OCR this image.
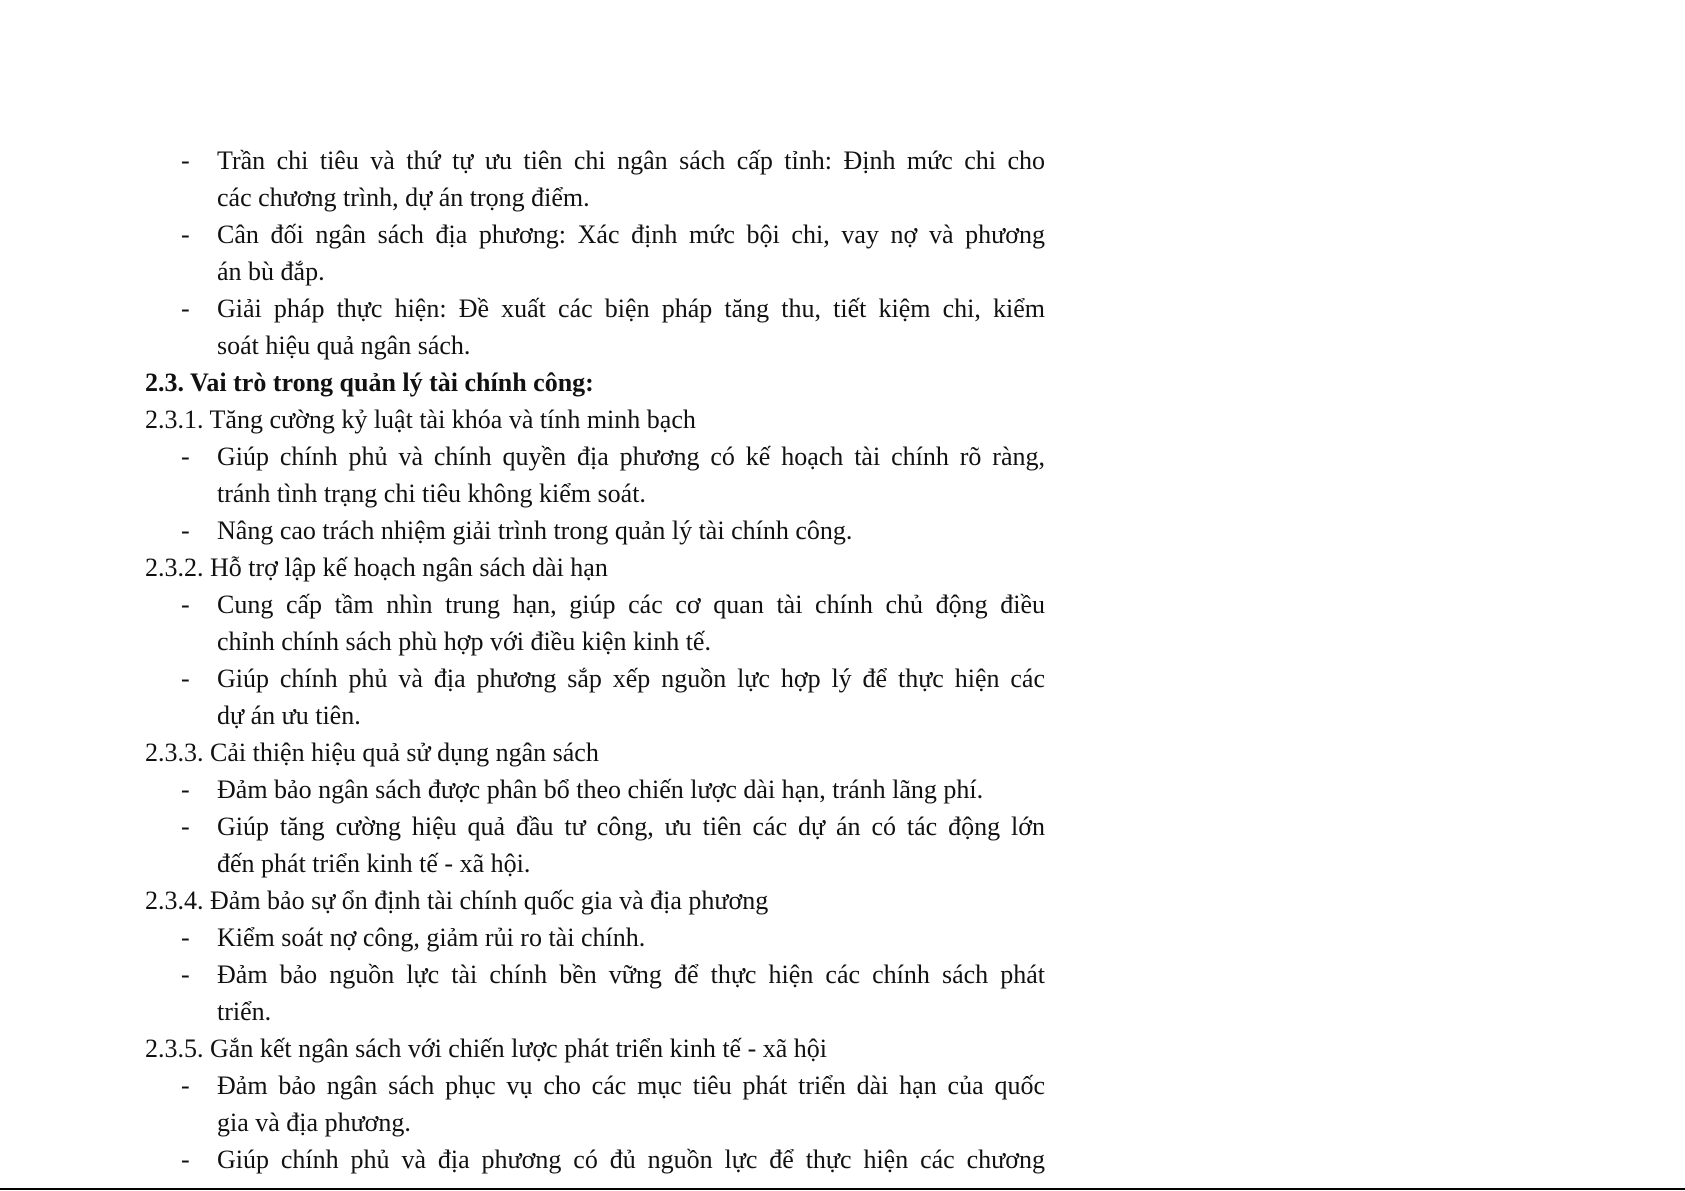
- Trần chi tiêu và thứ tự ưu tiên chi ngân sách cấp tỉnh: Định mức chi cho
các chương trình, dự án trọng điểm.
- Cân đối ngân sách địa phương: Xác định mức bội chi, vay nợ và phương
án bù đắp.
- Giải pháp thực hiện: Đề xuất các biện pháp tăng thu, tiết kiệm chi, kiểm
soát hiệu quả ngân sách.
2.3. Vai trò trong quản lý tài chính công:
2.3.1. Tăng cường kỷ luật tài khóa và tính minh bạch
- Giúp chính phủ và chính quyền địa phương có kế hoạch tài chính rõ ràng,
tránh tình trạng chi tiêu không kiểm soát.
- Nâng cao trách nhiệm giải trình trong quản lý tài chính công.
2.3.2. Hỗ trợ lập kế hoạch ngân sách dài hạn
- Cung cấp tầm nhìn trung hạn, giúp các cơ quan tài chính chủ động điều
chỉnh chính sách phù hợp với điều kiện kinh tế.
- Giúp chính phủ và địa phương sắp xếp nguồn lực hợp lý để thực hiện các
dự án ưu tiên.
2.3.3. Cải thiện hiệu quả sử dụng ngân sách
- Đảm bảo ngân sách được phân bổ theo chiến lược dài hạn, tránh lãng phí.
- Giúp tăng cường hiệu quả đầu tư công, ưu tiên các dự án có tác động lớn
đến phát triển kinh tế - xã hội.
2.3.4. Đảm bảo sự ổn định tài chính quốc gia và địa phương
- Kiểm soát nợ công, giảm rủi ro tài chính.
- Đảm bảo nguồn lực tài chính bền vững để thực hiện các chính sách phát
triển.
2.3.5. Gắn kết ngân sách với chiến lược phát triển kinh tế - xã hội
- Đảm bảo ngân sách phục vụ cho các mục tiêu phát triển dài hạn của quốc
gia và địa phương.
- Giúp chính phủ và địa phương có đủ nguồn lực để thực hiện các chương
